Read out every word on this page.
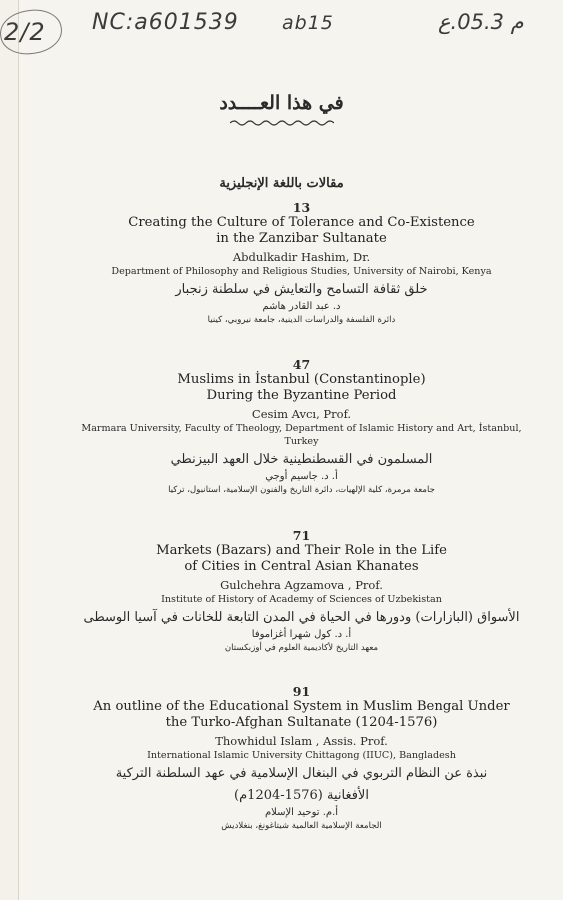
2/2 NC:a601539 ab15	م 05.3.ع
في هذا العــــدد
مقالات باللغة الإنجليزية
13
Creating the Culture of Tolerance and Co-Existence
in the Zanzibar Sultanate
Abdulkadir Hashim, Dr.
Department of Philosophy and Religious Studies, University of Nairobi, Kenya
خلق ثقافة التسامح والتعايش في سلطنة زنجبار
د. عبد القادر هاشم
دائرة الفلسفة والدراسات الدينية، جامعة نيروبي، كينيا
47
Muslims in İstanbul (Constantinople)
During the Byzantine Period
Cesim Avcı, Prof.
Marmara University, Faculty of Theology, Department of Islamic History and Art, İstanbul,
Turkey
المسلمون في القسطنطينية خلال العهد البيزنطي
أ. د. جاسيم أوجي
جامعة مرمرة، كلية الإلهيات، دائرة التاريخ والفنون الإسلامية، استانبول، تركيا
71
Markets (Bazars) and Their Role in the Life
of Cities in Central Asian Khanates
Gulchehra Agzamova , Prof.
Institute of History of Academy of Sciences of Uzbekistan
الأسواق (البازارات) ودورها في الحياة في المدن التابعة للخانات في آسيا الوسطى
أ. د. كول شهرا أغزاموفا
معهد التاريخ لأكاديمية العلوم في أوزبكستان
91
An outline of the Educational System in Muslim Bengal Under
the Turko-Afghan Sultanate (1204-1576)
Thowhidul Islam , Assis. Prof.
International Islamic University Chittagong (IIUC), Bangladesh
نبذة عن النظام التربوي في البنغال الإسلامية في عهد السلطنة التركية
الأفغانية (1576-1204م)
أ.م. توحيد الإسلام
الجامعة الإسلامية العالمية شيتاغونغ، بنغلاديش
